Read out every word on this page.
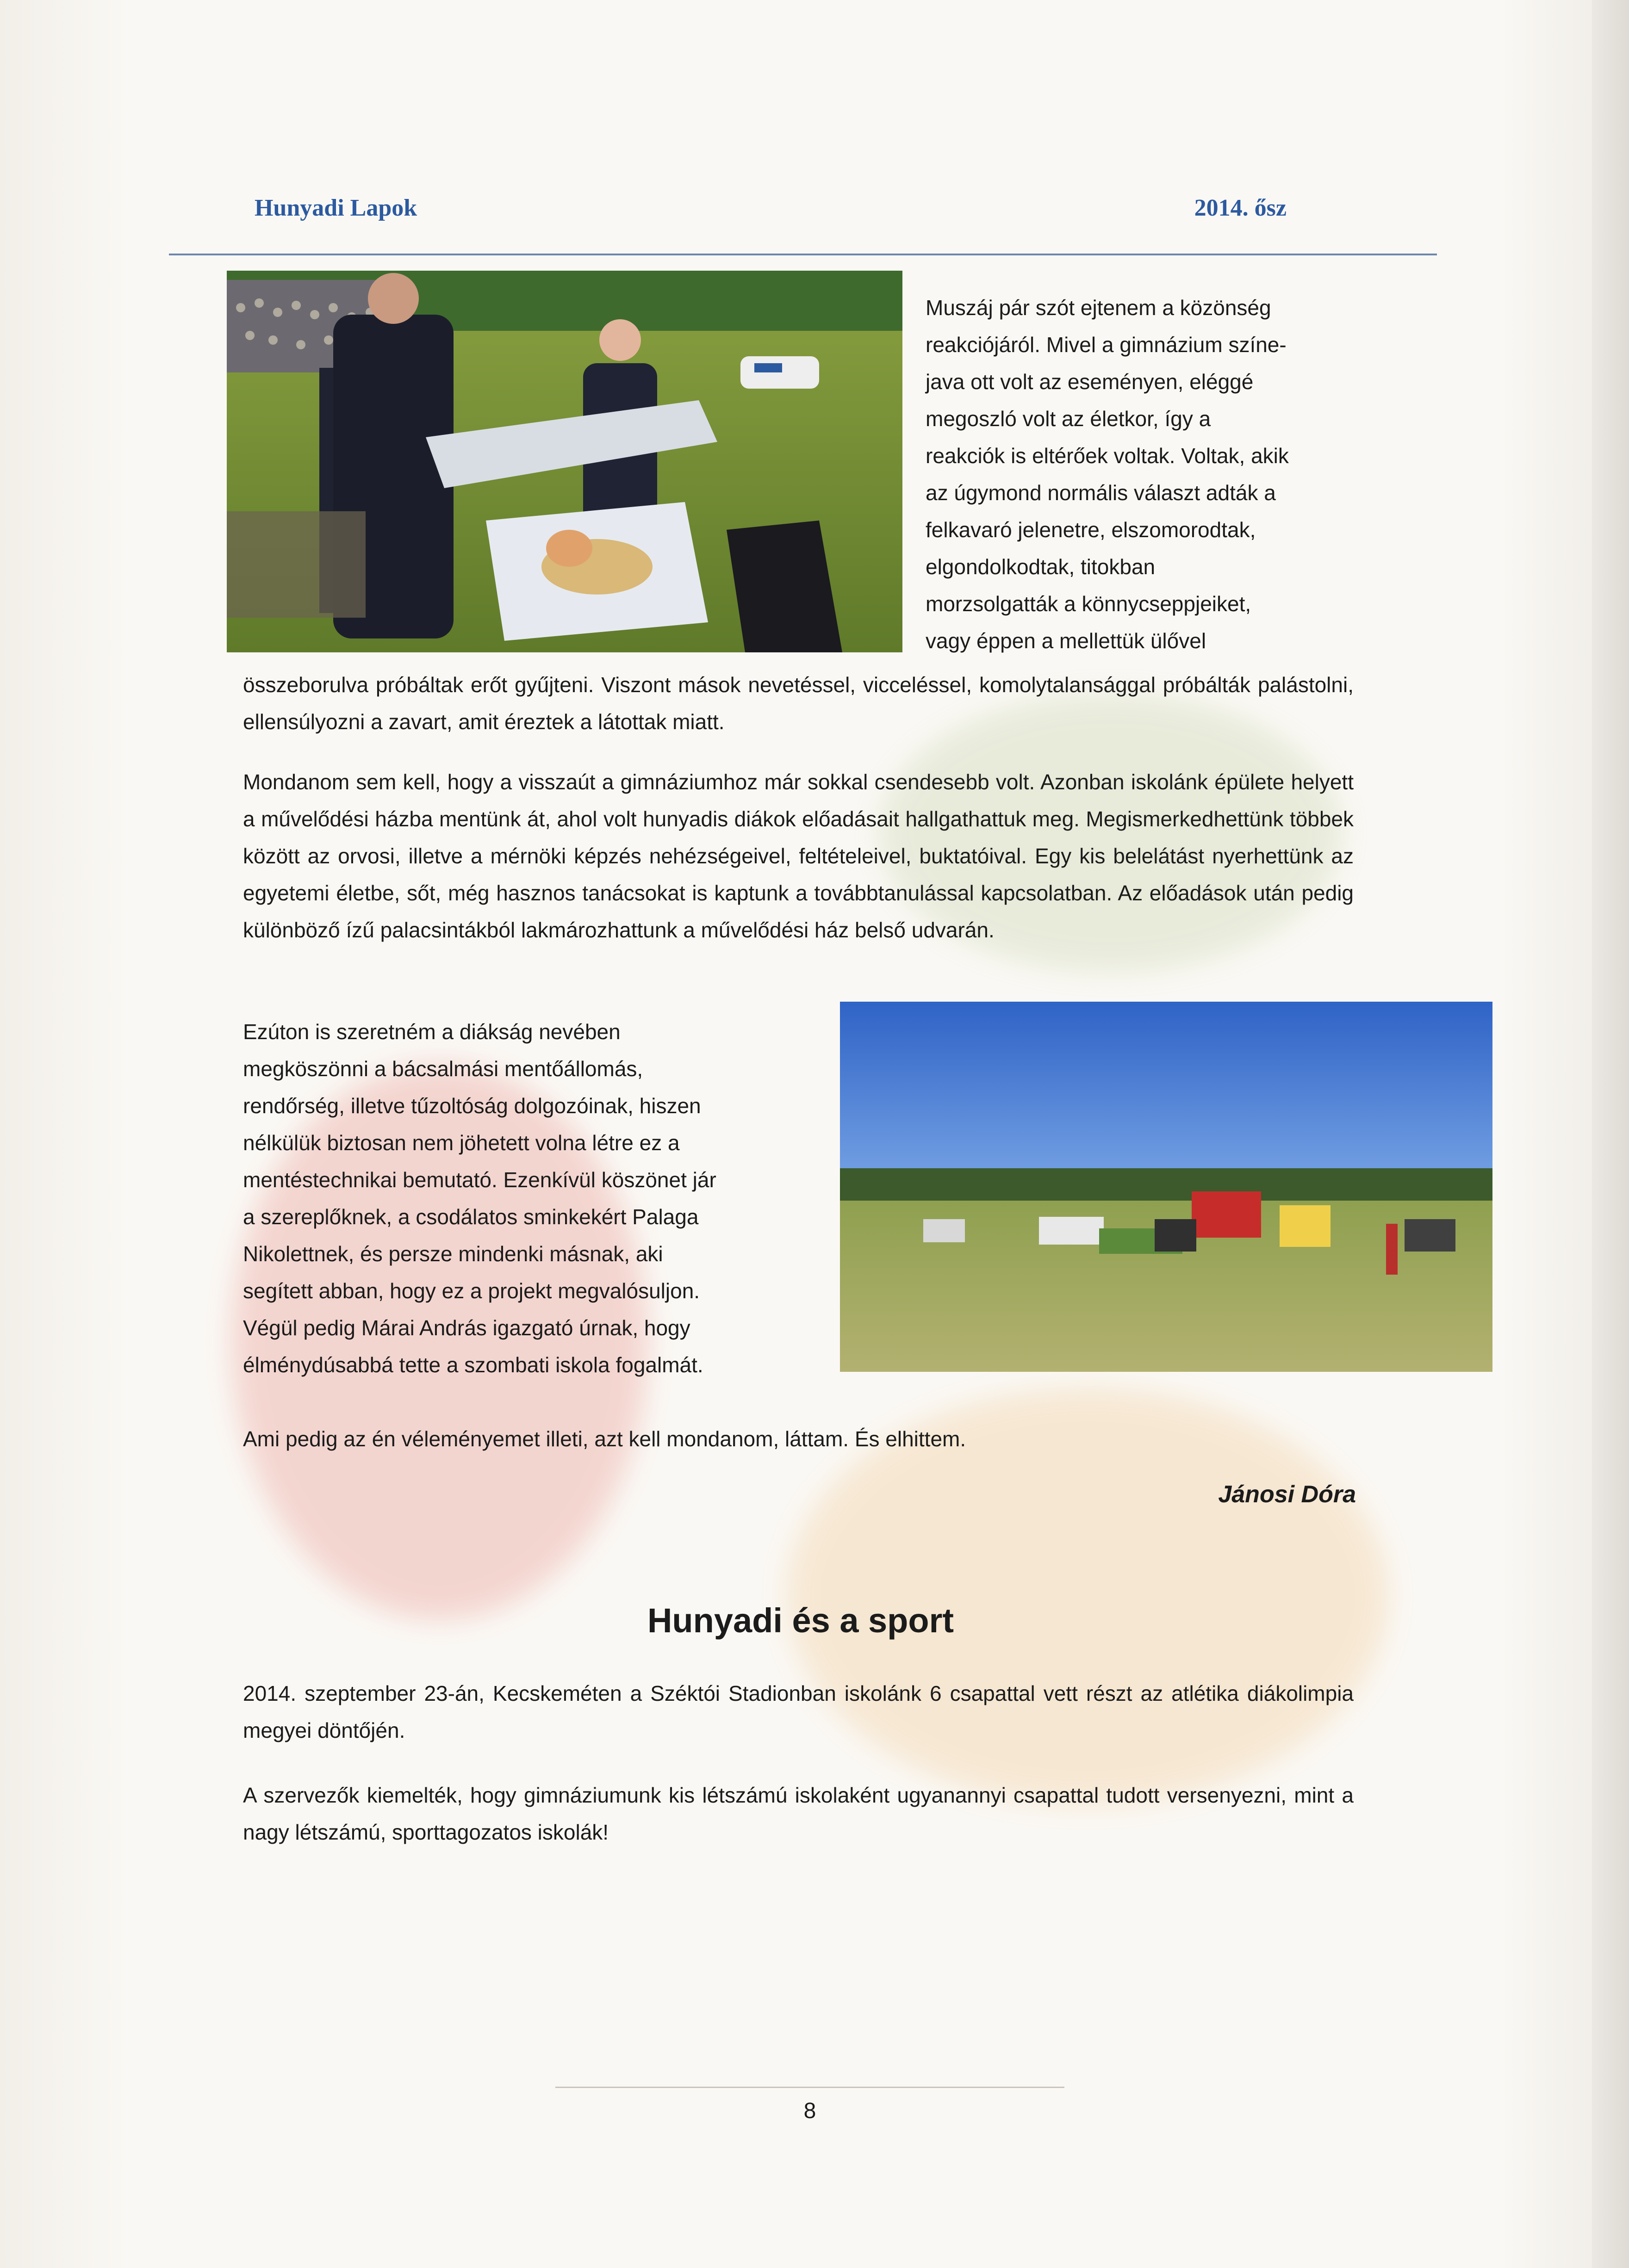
Hunyadi Lapok	2014. ősz
Muszáj pár szót ejtenem a közönség
reakciójáról. Mivel a gimnázium színe-
java ott volt az eseményen, eléggé
megoszló volt az életkor, így a
reakciók is eltérőek voltak. Voltak, akik
az úgymond normális választ adták a
felkavaró jelenetre, elszomorodtak,
elgondolkodtak, titokban
morzsolgatták a könnycseppjeiket,
vagy éppen a mellettük ülővel
összeborulva próbáltak erőt gyűjteni. Viszont mások nevetéssel, vicceléssel, komolytalansággal próbálták palástolni, ellensúlyozni a zavart, amit éreztek a látottak miatt.
Mondanom sem kell, hogy a visszaút a gimnáziumhoz már sokkal csendesebb volt. Azonban iskolánk épülete helyett a művelődési házba mentünk át, ahol volt hunyadis diákok előadásait hallgathattuk meg. Megismerkedhettünk többek között az orvosi, illetve a mérnöki képzés nehézségeivel, feltételeivel, buktatóival. Egy kis belelátást nyerhettünk az egyetemi életbe, sőt, még hasznos tanácsokat is kaptunk a továbbtanulással kapcsolatban. Az előadások után pedig különböző ízű palacsintákból lakmározhattunk a művelődési ház belső udvarán.
Ezúton is szeretném a diákság nevében
megköszönni a bácsalmási mentőállomás,
rendőrség, illetve tűzoltóság dolgozóinak, hiszen
nélkülük biztosan nem jöhetett volna létre ez a
mentéstechnikai bemutató. Ezenkívül köszönet jár
a szereplőknek, a csodálatos sminkekért Palaga
Nikolettnek, és persze mindenki másnak, aki
segített abban, hogy ez a projekt megvalósuljon.
Végül pedig Márai András igazgató úrnak, hogy
élménydúsabbá tette a szombati iskola fogalmát.
Ami pedig az én véleményemet illeti, azt kell mondanom, láttam. És elhittem.
Jánosi Dóra
Hunyadi és a sport
2014. szeptember 23-án, Kecskeméten a Széktói Stadionban iskolánk 6 csapattal vett részt az atlétika diákolimpia megyei döntőjén.
A szervezők kiemelték, hogy gimnáziumunk kis létszámú iskolaként ugyanannyi csapattal tudott versenyezni, mint a nagy létszámú, sporttagozatos iskolák!
8
